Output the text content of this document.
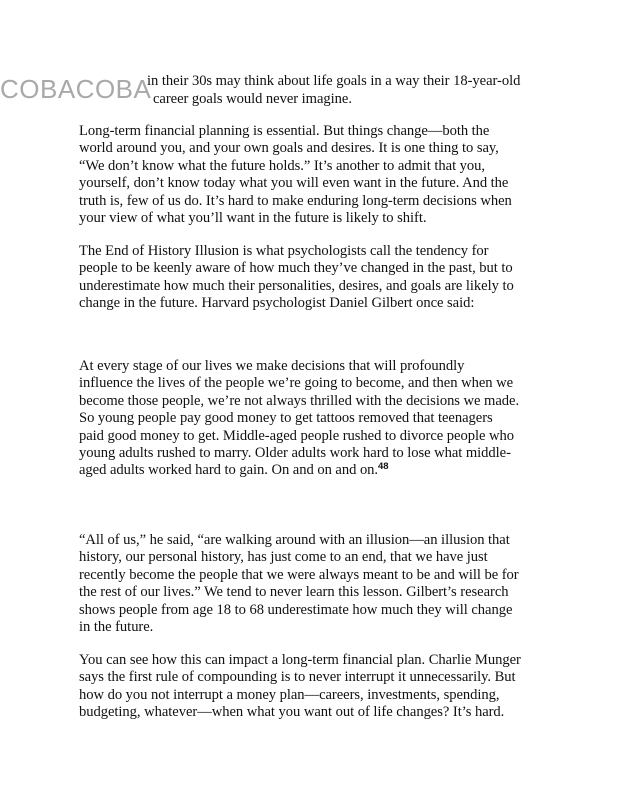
COBACOBA
in their 30s may think about life goals in a way their 18-year-old
career goals would never imagine.
Long-term financial planning is essential. But things change—both the
world around you, and your own goals and desires. It is one thing to say,
“We don’t know what the future holds.” It’s another to admit that you,
yourself, don’t know today what you will even want in the future. And the
truth is, few of us do. It’s hard to make enduring long-term decisions when
your view of what you’ll want in the future is likely to shift.
The End of History Illusion is what psychologists call the tendency for
people to be keenly aware of how much they’ve changed in the past, but to
underestimate how much their personalities, desires, and goals are likely to
change in the future. Harvard psychologist Daniel Gilbert once said:
At every stage of our lives we make decisions that will profoundly
influence the lives of the people we’re going to become, and then when we
become those people, we’re not always thrilled with the decisions we made.
So young people pay good money to get tattoos removed that teenagers
paid good money to get. Middle-aged people rushed to divorce people who
young adults rushed to marry. Older adults work hard to lose what middle-
aged adults worked hard to gain. On and on and on.$^{48}$
“All of us,” he said, “are walking around with an illusion—an illusion that
history, our personal history, has just come to an end, that we have just
recently become the people that we were always meant to be and will be for
the rest of our lives.” We tend to never learn this lesson. Gilbert’s research
shows people from age 18 to 68 underestimate how much they will change
in the future.
You can see how this can impact a long-term financial plan. Charlie Munger
says the first rule of compounding is to never interrupt it unnecessarily. But
how do you not interrupt a money plan—careers, investments, spending,
budgeting, whatever—when what you want out of life changes? It’s hard.
